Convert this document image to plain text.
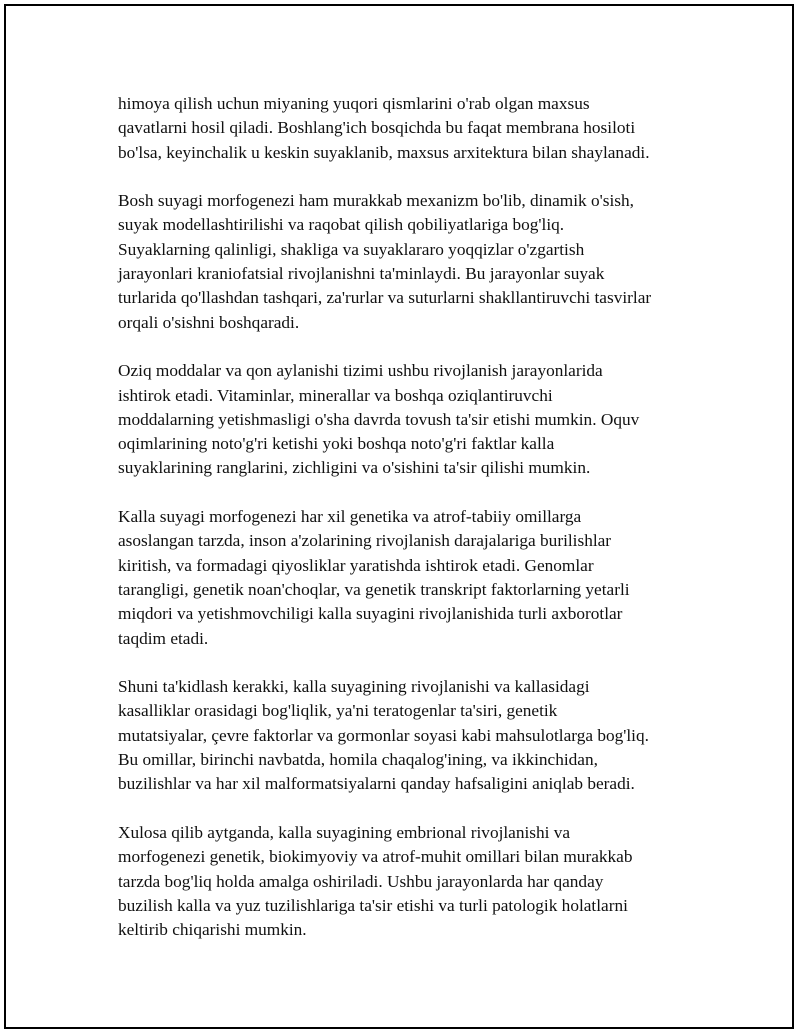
himoya qilish uchun miyaning yuqori qismlarini o'rab olgan maxsus
qavatlarni hosil qiladi. Boshlang'ich bosqichda bu faqat membrana hosiloti
bo'lsa, keyinchalik u keskin suyaklanib, maxsus arxitektura bilan shaylanadi.

Bosh suyagi morfogenezi ham murakkab mexanizm bo'lib, dinamik o'sish,
suyak modellashtirilishi va raqobat qilish qobiliyatlariga bog'liq.
Suyaklarning qalinligi, shakliga va suyaklararo yoqqizlar o'zgartish
jarayonlari kraniofatsial rivojlanishni ta'minlaydi. Bu jarayonlar suyak
turlarida qo'llashdan tashqari, za'rurlar va suturlarni shakllantiruvchi tasvirlar
orqali o'sishni boshqaradi.

Oziq moddalar va qon aylanishi tizimi ushbu rivojlanish jarayonlarida
ishtirok etadi. Vitaminlar, minerallar va boshqa oziqlantiruvchi
moddalarning yetishmasligi o'sha davrda tovush ta'sir etishi mumkin. Oquv
oqimlarining noto'g'ri ketishi yoki boshqa noto'g'ri faktlar kalla
suyaklarining ranglarini, zichligini va o'sishini ta'sir qilishi mumkin.

Kalla suyagi morfogenezi har xil genetika va atrof-tabiiy omillarga
asoslangan tarzda, inson a'zolarining rivojlanish darajalariga burilishlar
kiritish, va formadagi qiyosliklar yaratishda ishtirok etadi. Genomlar
tarangligi, genetik noan'choqlar, va genetik transkript faktorlarning yetarli
miqdori va yetishmovchiligi kalla suyagini rivojlanishida turli axborotlar
taqdim etadi.

Shuni ta'kidlash kerakki, kalla suyagining rivojlanishi va kallasidagi
kasalliklar orasidagi bog'liqlik, ya'ni teratogenlar ta'siri, genetik
mutatsiyalar, çevre faktorlar va gormonlar soyasi kabi mahsulotlarga bog'liq.
Bu omillar, birinchi navbatda, homila chaqalog'ining, va ikkinchidan,
buzilishlar va har xil malformatsiyalarni qanday hafsaligini aniqlab beradi.

Xulosa qilib aytganda, kalla suyagining embrional rivojlanishi va
morfogenezi genetik, biokimyoviy va atrof-muhit omillari bilan murakkab
tarzda bog'liq holda amalga oshiriladi. Ushbu jarayonlarda har qanday
buzilish kalla va yuz tuzilishlariga ta'sir etishi va turli patologik holatlarni
keltirib chiqarishi mumkin.
